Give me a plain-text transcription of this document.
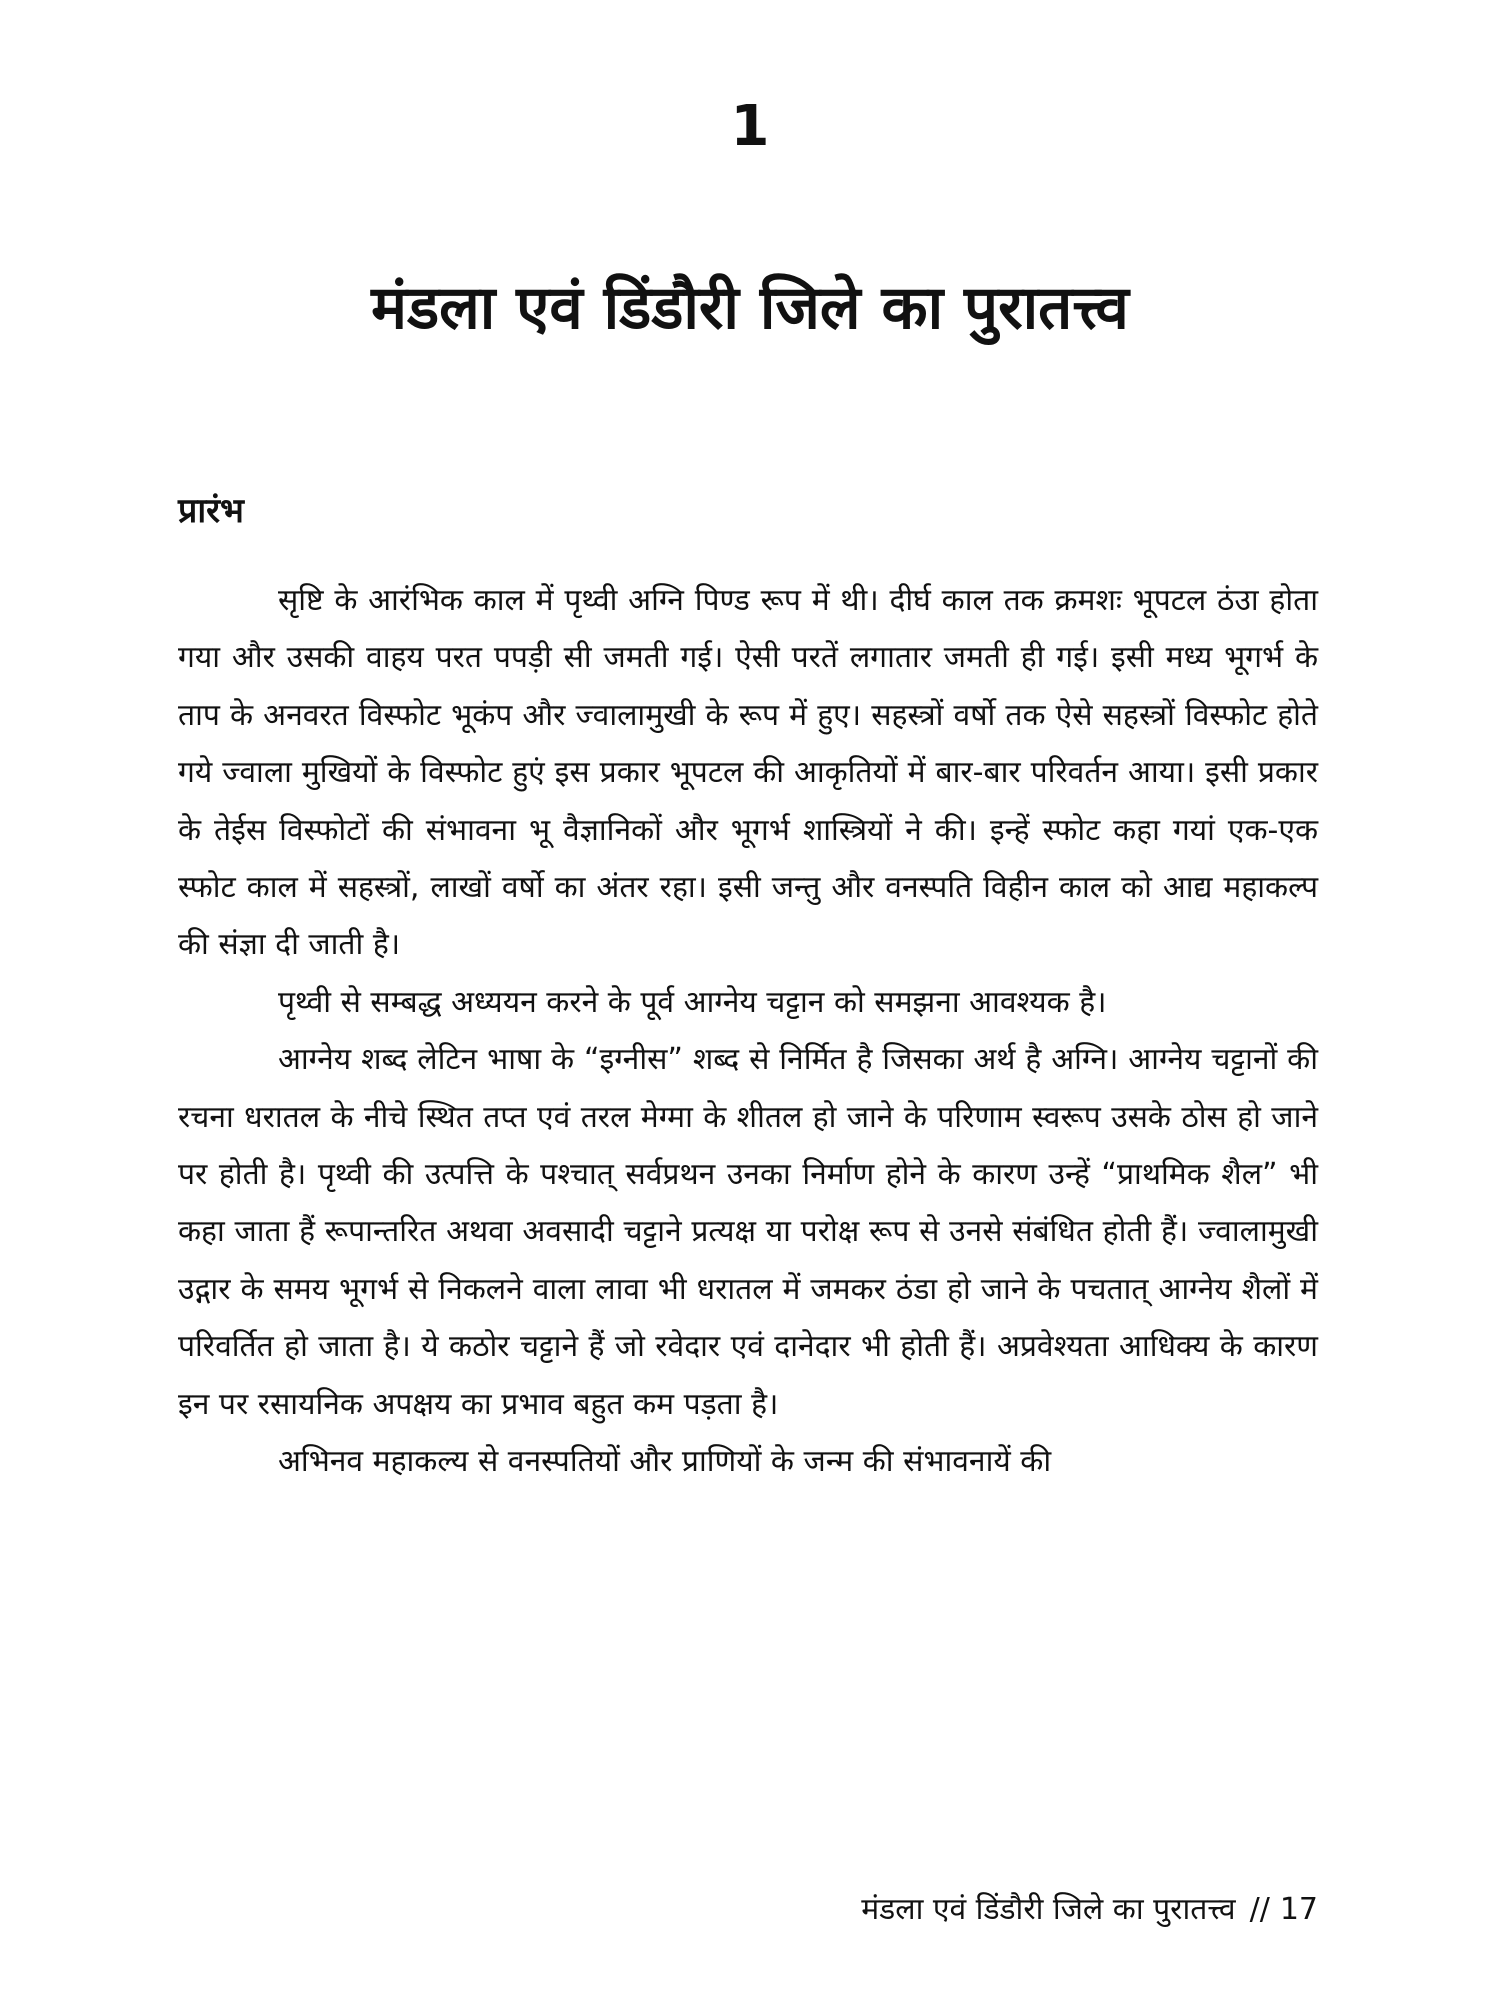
1
मंडला एवं डिंडौरी जिले का पुरातत्त्व
प्रारंभ

सृष्टि के आरंभिक काल में पृथ्वी अग्नि पिण्ड रूप में थी। दीर्घ काल तक क्रमशः भूपटल ठंउा होता गया और उसकी वाहय परत पपड़ी सी जमती गई। ऐसी परतें लगातार जमती ही गई। इसी मध्य भूगर्भ के ताप के अनवरत विस्फोट भूकंप और ज्वालामुखी के रूप में हुए। सहस्त्रों वर्षो तक ऐसे सहस्त्रों विस्फोट होते गये ज्वाला मुखियों के विस्फोट हुएं इस प्रकार भूपटल की आकृतियों में बार-बार परिवर्तन आया। इसी प्रकार के तेईस विस्फोटों की संभावना भू वैज्ञानिकों और भूगर्भ शास्त्रियों ने की। इन्हें स्फोट कहा गयां एक-एक स्फोट काल में सहस्त्रों, लाखों वर्षो का अंतर रहा। इसी जन्तु और वनस्पति विहीन काल को आद्य महाकल्प की संज्ञा दी जाती है।

पृथ्वी से सम्बद्ध अध्ययन करने के पूर्व आग्नेय चट्टान को समझना आवश्यक है।

आग्नेय शब्द लेटिन भाषा के “इग्नीस” शब्द से निर्मित है जिसका अर्थ है अग्नि। आग्नेय चट्टानों की रचना धरातल के नीचे स्थित तप्त एवं तरल मेग्मा के शीतल हो जाने के परिणाम स्वरूप उसके ठोस हो जाने पर होती है। पृथ्वी की उत्पत्ति के पश्चात् सर्वप्रथन उनका निर्माण होने के कारण उन्हें “प्राथमिक शैल” भी कहा जाता हैं रूपान्तरित अथवा अवसादी चट्टाने प्रत्यक्ष या परोक्ष रूप से उनसे संबंधित होती हैं। ज्वालामुखी उद्गार के समय भूगर्भ से निकलने वाला लावा भी धरातल में जमकर ठंडा हो जाने के पचतात् आग्नेय शैलों में परिवर्तित हो जाता है। ये कठोर चट्टाने हैं जो रवेदार एवं दानेदार भी होती हैं। अप्रवेश्यता आधिक्य के कारण इन पर रसायनिक अपक्षय का प्रभाव बहुत कम पड़ता है।

अभिनव महाकल्य से वनस्पतियों और प्राणियों के जन्म की संभावनायें की

मंडला एवं डिंडौरी जिले का पुरातत्त्व // 17
